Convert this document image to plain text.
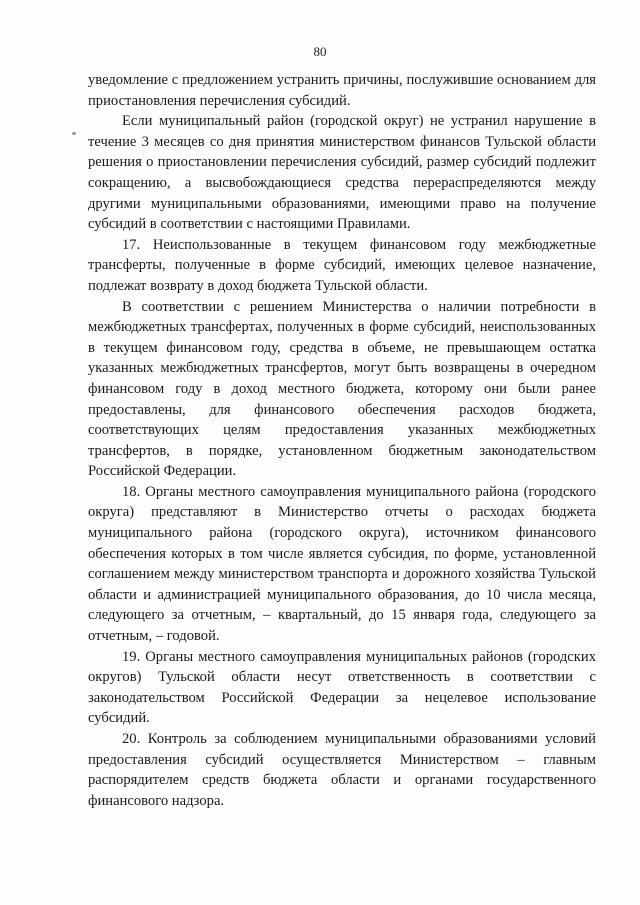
80

уведомление с предложением устранить причины, послужившие основанием для приостановления перечисления субсидий.

Если муниципальный район (городской округ) не устранил нарушение в течение 3 месяцев со дня принятия министерством финансов Тульской области решения о приостановлении перечисления субсидий, размер субсидий подлежит сокращению, а высвобождающиеся средства перераспределяются между другими муниципальными образованиями, имеющими право на получение субсидий в соответствии с настоящими Правилами.

17. Неиспользованные в текущем финансовом году межбюджетные трансферты, полученные в форме субсидий, имеющих целевое назначение, подлежат возврату в доход бюджета Тульской области.

В соответствии с решением Министерства о наличии потребности в межбюджетных трансфертах, полученных в форме субсидий, неиспользованных в текущем финансовом году, средства в объеме, не превышающем остатка указанных межбюджетных трансфертов, могут быть возвращены в очередном финансовом году в доход местного бюджета, которому они были ранее предоставлены, для финансового обеспечения расходов бюджета, соответствующих целям предоставления указанных межбюджетных трансфертов, в порядке, установленном бюджетным законодательством Российской Федерации.

18. Органы местного самоуправления муниципального района (городского округа) представляют в Министерство отчеты о расходах бюджета муниципального района (городского округа), источником финансового обеспечения которых в том числе является субсидия, по форме, установленной соглашением между министерством транспорта и дорожного хозяйства Тульской области и администрацией муниципального образования, до 10 числа месяца, следующего за отчетным, – квартальный, до 15 января года, следующего за отчетным, – годовой.

19. Органы местного самоуправления муниципальных районов (городских округов) Тульской области несут ответственность в соответствии с законодательством Российской Федерации за нецелевое использование субсидий.

20. Контроль за соблюдением муниципальными образованиями условий предоставления субсидий осуществляется Министерством – главным распорядителем средств бюджета области и органами государственного финансового надзора.
